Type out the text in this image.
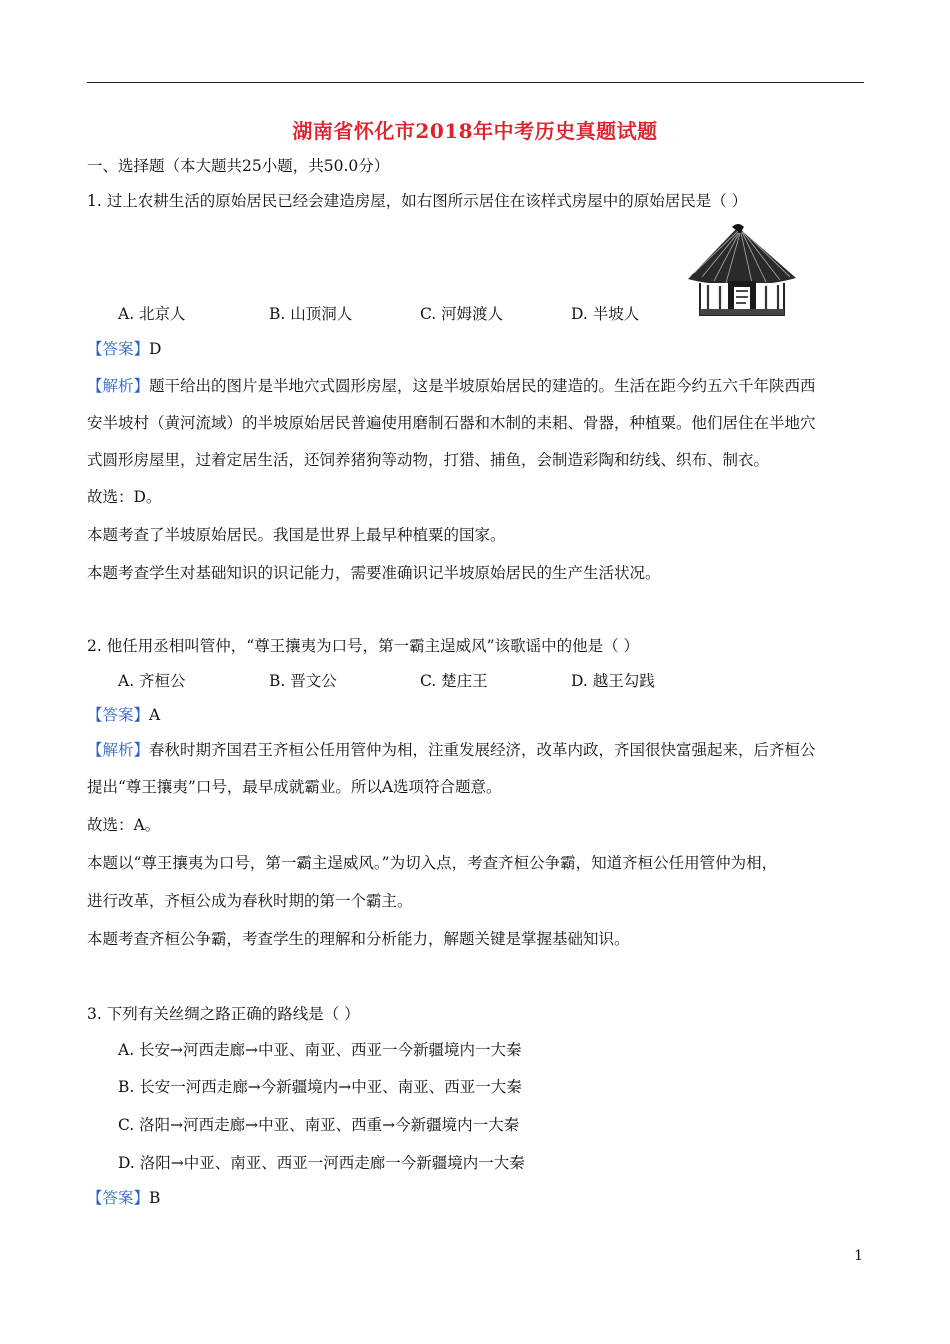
湖南省怀化市2018年中考历史真题试题
一、选择题（本大题共25小题，共50.0分）
1. 过上农耕生活的原始居民已经会建造房屋，如右图所示居住在该样式房屋中的原始居民是（ ）
A. 北京人	B. 山顶洞人	C. 河姆渡人	D. 半坡人
【答案】D
【解析】题干给出的图片是半地穴式圆形房屋，这是半坡原始居民的建造的。生活在距今约五六千年陕西西
安半坡村（黄河流域）的半坡原始居民普遍使用磨制石器和木制的耒耜、骨器，种植粟。他们居住在半地穴
式圆形房屋里，过着定居生活，还饲养猪狗等动物，打猎、捕鱼，会制造彩陶和纺线、织布、制衣。
故选：D。
本题考查了半坡原始居民。我国是世界上最早种植粟的国家。
本题考查学生对基础知识的识记能力，需要准确识记半坡原始居民的生产生活状况。
2. 他任用丞相叫管仲，“尊王攘夷为口号，第一霸主逞威风”该歌谣中的他是（ ）
A. 齐桓公	B. 晋文公	C. 楚庄王	D. 越王勾践
【答案】A
【解析】春秋时期齐国君王齐桓公任用管仲为相，注重发展经济，改革内政，齐国很快富强起来，后齐桓公
提出“尊王攘夷”口号，最早成就霸业。所以A选项符合题意。
故选：A。
本题以“尊王攘夷为口号，第一霸主逞威风。”为切入点，考查齐桓公争霸，知道齐桓公任用管仲为相，
进行改革，齐桓公成为春秋时期的第一个霸主。
本题考查齐桓公争霸，考查学生的理解和分析能力，解题关键是掌握基础知识。
3. 下列有关丝绸之路正确的路线是（ ）
A. 长安→河西走廊→中亚、南亚、西亚一今新疆境内一大秦
B. 长安一河西走廊→今新疆境内→中亚、南亚、西亚一大秦
C. 洛阳→河西走廊→中亚、南亚、西重→今新疆境内一大秦
D. 洛阳→中亚、南亚、西亚一河西走廊一今新疆境内一大秦
【答案】B
1
